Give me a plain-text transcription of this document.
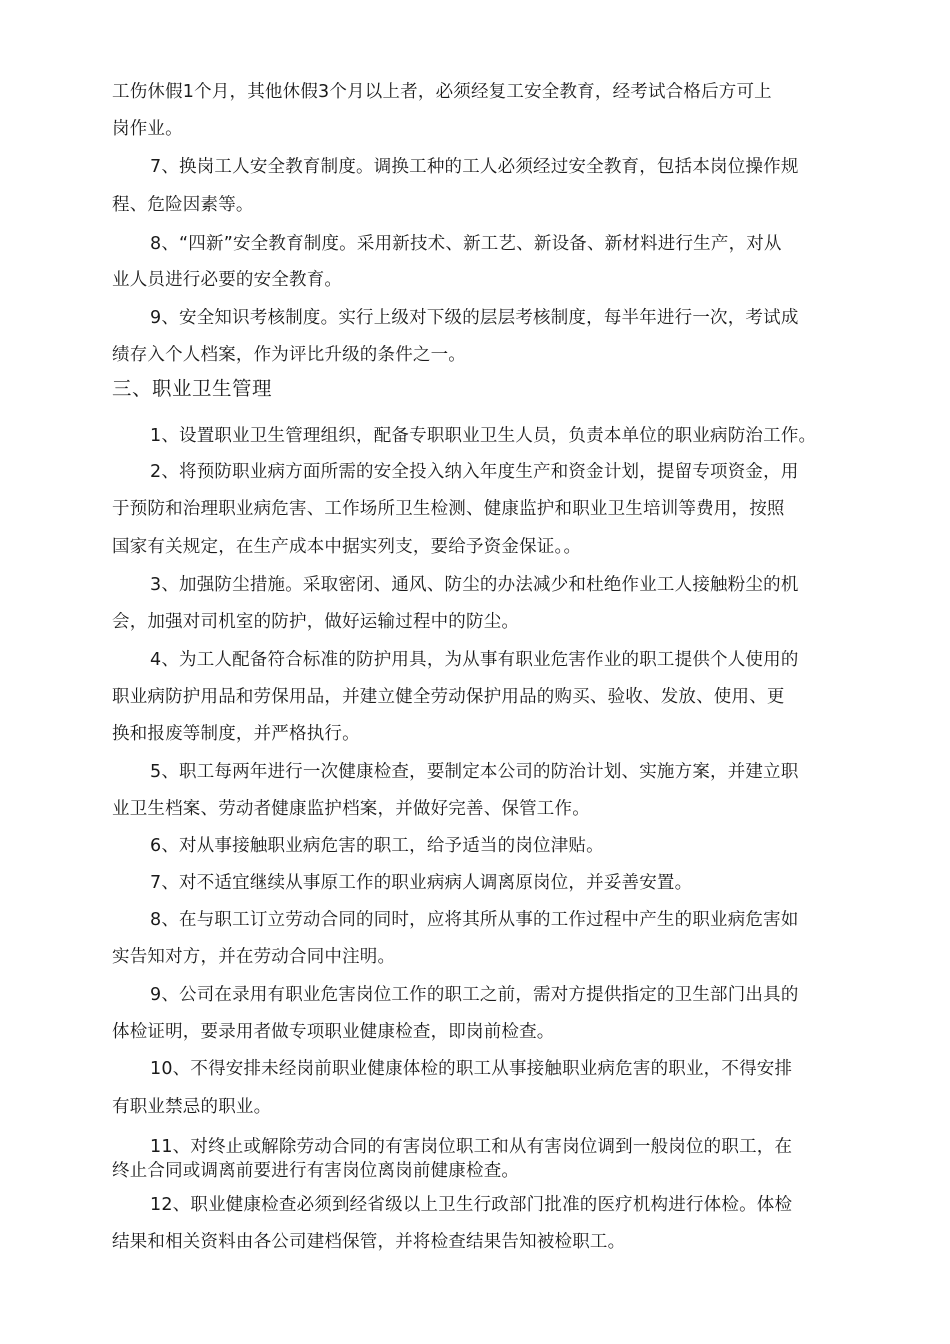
工伤休假1个月，其他休假3个月以上者，必须经复工安全教育，经考试合格后方可上
岗作业。
7、换岗工人安全教育制度。调换工种的工人必须经过安全教育，包括本岗位操作规
程、危险因素等。
8、“四新”安全教育制度。采用新技术、新工艺、新设备、新材料进行生产，对从
业人员进行必要的安全教育。
9、安全知识考核制度。实行上级对下级的层层考核制度，每半年进行一次，考试成
绩存入个人档案，作为评比升级的条件之一。
三、职业卫生管理
1、设置职业卫生管理组织，配备专职职业卫生人员，负责本单位的职业病防治工作。
2、将预防职业病方面所需的安全投入纳入年度生产和资金计划，提留专项资金，用
于预防和治理职业病危害、工作场所卫生检测、健康监护和职业卫生培训等费用，按照
国家有关规定，在生产成本中据实列支，要给予资金保证。。
3、加强防尘措施。采取密闭、通风、防尘的办法减少和杜绝作业工人接触粉尘的机
会，加强对司机室的防护，做好运输过程中的防尘。
4、为工人配备符合标准的防护用具，为从事有职业危害作业的职工提供个人使用的
职业病防护用品和劳保用品，并建立健全劳动保护用品的购买、验收、发放、使用、更
换和报废等制度，并严格执行。
5、职工每两年进行一次健康检查，要制定本公司的防治计划、实施方案，并建立职
业卫生档案、劳动者健康监护档案，并做好完善、保管工作。
6、对从事接触职业病危害的职工，给予适当的岗位津贴。
7、对不适宜继续从事原工作的职业病病人调离原岗位，并妥善安置。
8、在与职工订立劳动合同的同时，应将其所从事的工作过程中产生的职业病危害如
实告知对方，并在劳动合同中注明。
9、公司在录用有职业危害岗位工作的职工之前，需对方提供指定的卫生部门出具的
体检证明，要录用者做专项职业健康检查，即岗前检查。
10、不得安排未经岗前职业健康体检的职工从事接触职业病危害的职业，不得安排
有职业禁忌的职业。
11、对终止或解除劳动合同的有害岗位职工和从有害岗位调到一般岗位的职工，在
终止合同或调离前要进行有害岗位离岗前健康检查。
12、职业健康检查必须到经省级以上卫生行政部门批准的医疗机构进行体检。体检
结果和相关资料由各公司建档保管，并将检查结果告知被检职工。
